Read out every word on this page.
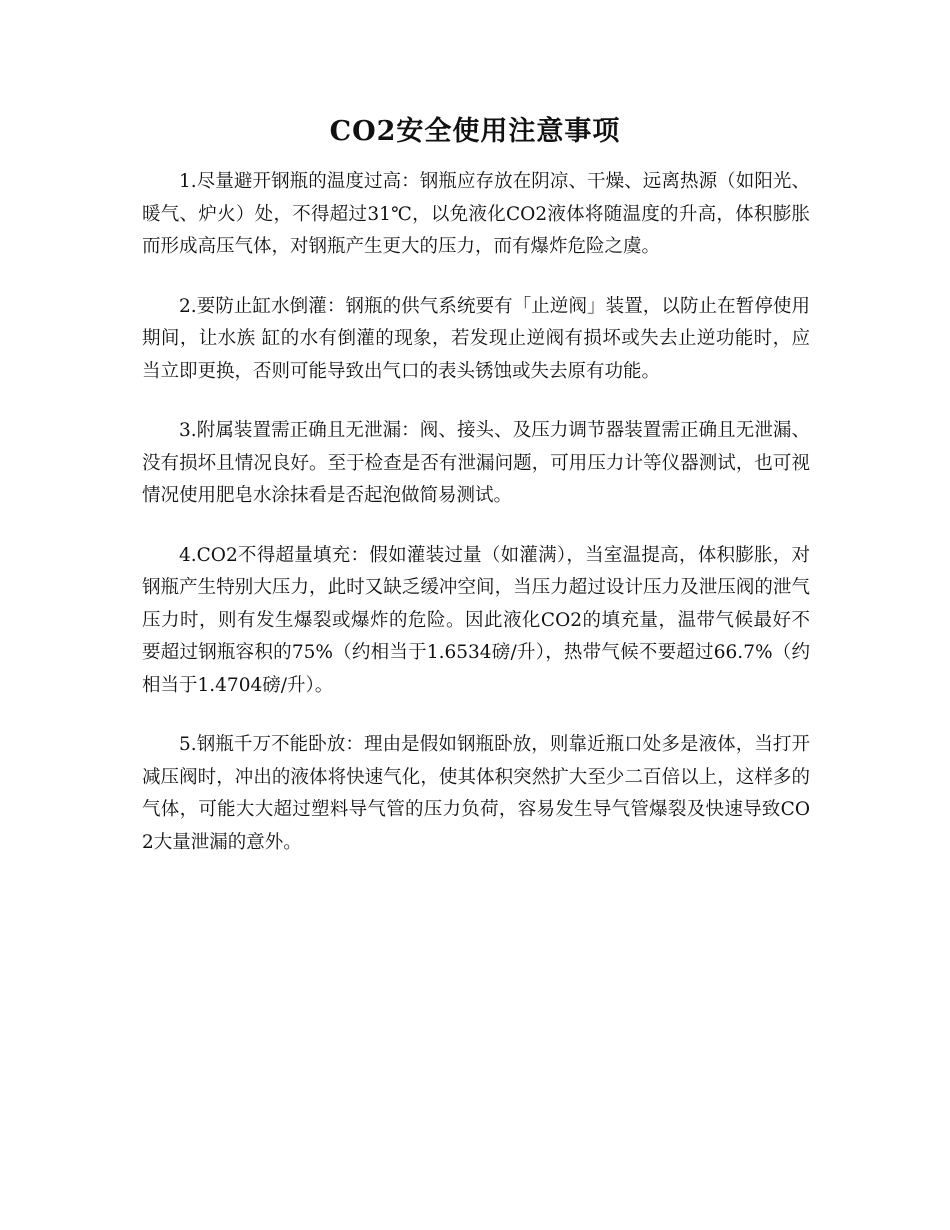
CO2安全使用注意事项

1.尽量避开钢瓶的温度过高：钢瓶应存放在阴凉、干燥、远离热源（如阳光、暖气、炉火）处，不得超过31℃，以免液化CO2液体将随温度的升高，体积膨胀而形成高压气体，对钢瓶产生更大的压力，而有爆炸危险之虞。

2.要防止缸水倒灌：钢瓶的供气系统要有「止逆阀」装置，以防止在暂停使用期间，让水族 缸的水有倒灌的现象，若发现止逆阀有损坏或失去止逆功能时，应当立即更换，否则可能导致出气口的表头锈蚀或失去原有功能。

3.附属装置需正确且无泄漏：阀、接头、及压力调节器装置需正确且无泄漏、没有损坏且情况良好。至于检查是否有泄漏问题，可用压力计等仪器测试，也可视情况使用肥皂水涂抹看是否起泡做简易测试。

4.CO2不得超量填充：假如灌装过量（如灌满），当室温提高，体积膨胀，对钢瓶产生特别大压力，此时又缺乏缓冲空间，当压力超过设计压力及泄压阀的泄气压力时，则有发生爆裂或爆炸的危险。因此液化CO2的填充量，温带气候最好不要超过钢瓶容积的75%（约相当于1.6534磅/升），热带气候不要超过66.7%（约相当于1.4704磅/升）。

5.钢瓶千万不能卧放：理由是假如钢瓶卧放，则靠近瓶口处多是液体，当打开减压阀时，冲出的液体将快速气化，使其体积突然扩大至少二百倍以上，这样多的气体，可能大大超过塑料导气管的压力负荷，容易发生导气管爆裂及快速导致CO2大量泄漏的意外。
